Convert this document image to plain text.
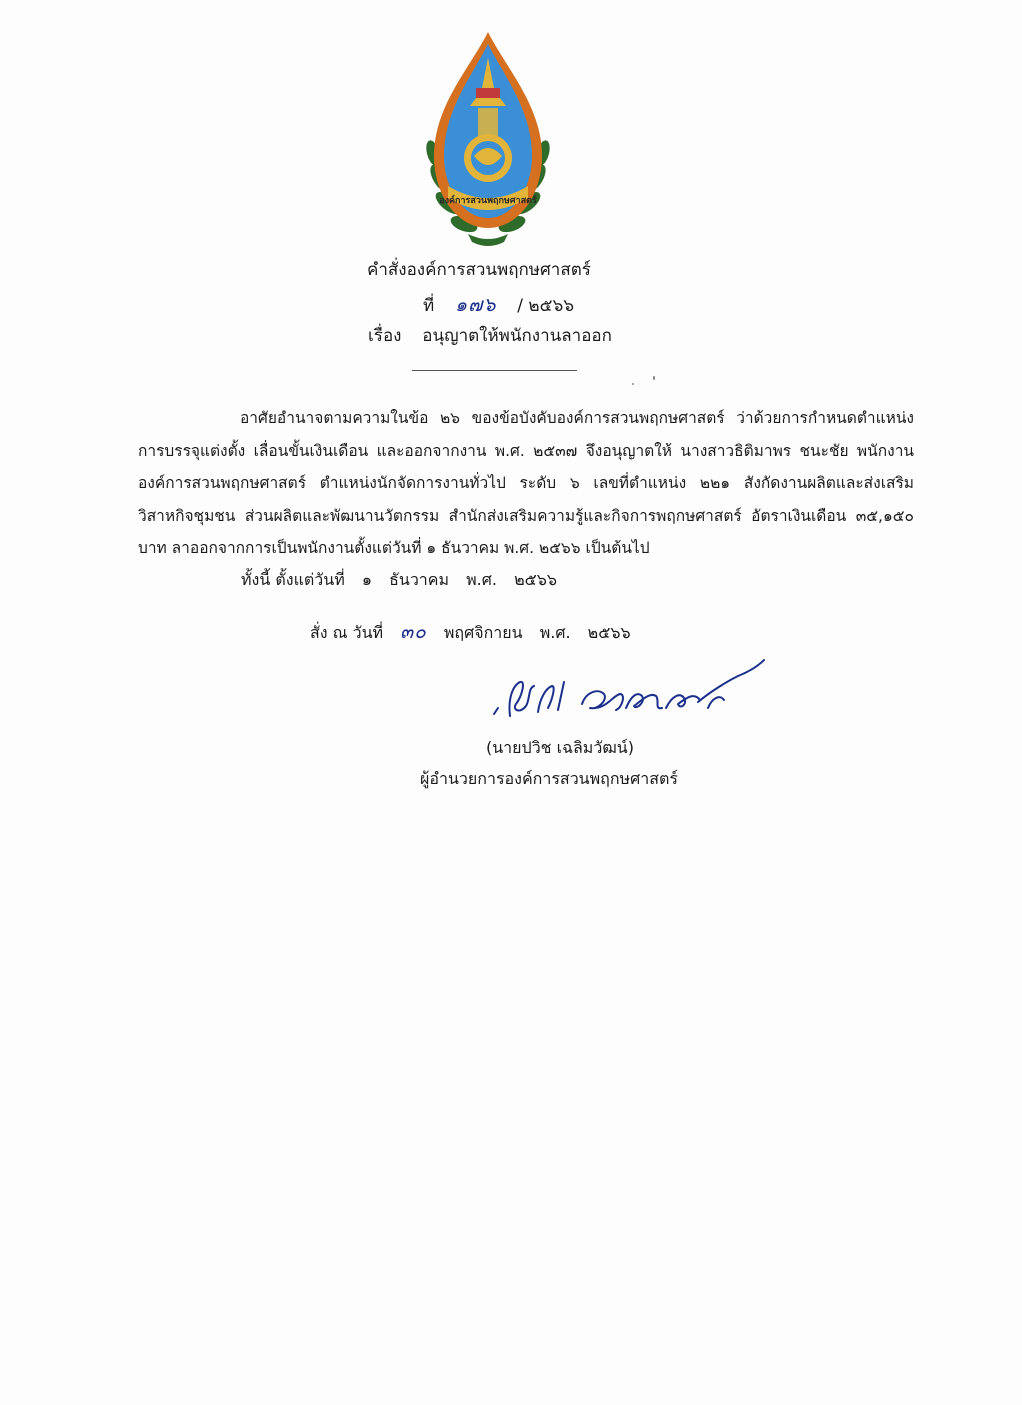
องค์การสวนพฤกษศาสตร์
คำสั่งองค์การสวนพฤกษศาสตร์
ที่ ๑๗๖ / ๒๕๖๖
เรื่อง อนุญาตให้พนักงานลาออก

อาศัยอำนาจตามความในข้อ ๒๖ ของข้อบังคับองค์การสวนพฤกษศาสตร์ ว่าด้วยการกำหนดตำแหน่ง การบรรจุแต่งตั้ง เลื่อนขั้นเงินเดือน และออกจากงาน พ.ศ. ๒๕๓๗ จึงอนุญาตให้ นางสาวธิติมาพร ชนะชัย พนักงานองค์การสวนพฤกษศาสตร์ ตำแหน่งนักจัดการงานทั่วไป ระดับ ๖ เลขที่ตำแหน่ง ๒๒๑ สังกัดงานผลิตและส่งเสริมวิสาหกิจชุมชน ส่วนผลิตและพัฒนานวัตกรรม สำนักส่งเสริมความรู้และกิจการพฤกษศาสตร์ อัตราเงินเดือน ๓๕,๑๕๐ บาท ลาออกจากการเป็นพนักงานตั้งแต่วันที่ ๑ ธันวาคม พ.ศ. ๒๕๖๖ เป็นต้นไป

ทั้งนี้ ตั้งแต่วันที่ ๑ ธันวาคม พ.ศ. ๒๕๖๖
สั่ง ณ วันที่ ๓๐ พฤศจิกายน พ.ศ. ๒๕๖๖
(นายปวิช เฉลิมวัฒน์)
ผู้อำนวยการองค์การสวนพฤกษศาสตร์
